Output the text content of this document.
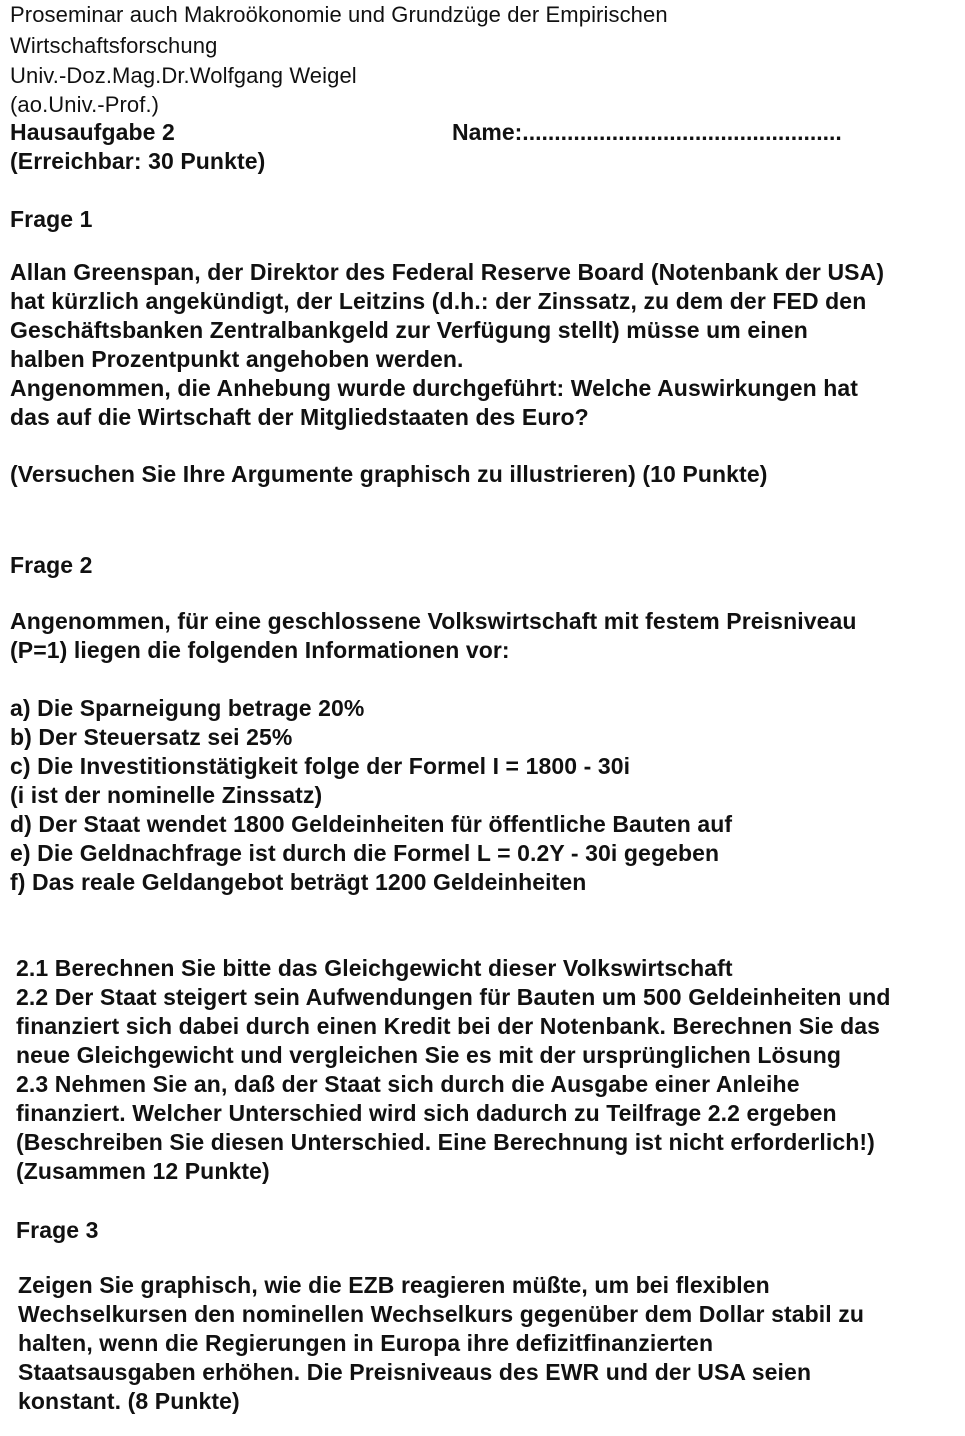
Proseminar auch Makroökonomie und Grundzüge der Empirischen
Wirtschaftsforschung
Univ.-Doz.Mag.Dr.Wolfgang Weigel
(ao.Univ.-Prof.)
Hausaufgabe 2	Name:..................................................
(Erreichbar: 30 Punkte)
Frage 1
Allan Greenspan, der Direktor des Federal Reserve Board (Notenbank der USA)
hat kürzlich angekündigt, der Leitzins (d.h.: der Zinssatz, zu dem der FED den
Geschäftsbanken Zentralbankgeld zur Verfügung stellt) müsse um einen
halben Prozentpunkt angehoben werden.
Angenommen, die Anhebung wurde durchgeführt: Welche Auswirkungen hat
das auf die Wirtschaft der Mitgliedstaaten des Euro?
(Versuchen Sie Ihre Argumente graphisch zu illustrieren) (10 Punkte)
Frage 2
Angenommen, für eine geschlossene Volkswirtschaft mit festem Preisniveau
(P=1) liegen die folgenden Informationen vor:
a) Die Sparneigung betrage 20%
b) Der Steuersatz sei 25%
c) Die Investitionstätigkeit folge der Formel I = 1800 - 30i
(i ist der nominelle Zinssatz)
d) Der Staat wendet 1800 Geldeinheiten für öffentliche Bauten auf
e) Die Geldnachfrage ist durch die Formel L = 0.2Y - 30i gegeben
f) Das reale Geldangebot beträgt 1200 Geldeinheiten
2.1 Berechnen Sie bitte das Gleichgewicht dieser Volkswirtschaft
2.2 Der Staat steigert sein Aufwendungen für Bauten um 500 Geldeinheiten und
finanziert sich dabei durch einen Kredit bei der Notenbank. Berechnen Sie das
neue Gleichgewicht und vergleichen Sie es mit der ursprünglichen Lösung
2.3 Nehmen Sie an, daß der Staat sich durch die Ausgabe einer Anleihe
finanziert. Welcher Unterschied wird sich dadurch zu Teilfrage 2.2 ergeben
(Beschreiben Sie diesen Unterschied. Eine Berechnung ist nicht erforderlich!)
(Zusammen 12 Punkte)
Frage 3
Zeigen Sie graphisch, wie die EZB reagieren müßte, um bei flexiblen
Wechselkursen den nominellen Wechselkurs gegenüber dem Dollar stabil zu
halten, wenn die Regierungen in Europa ihre defizitfinanzierten
Staatsausgaben erhöhen. Die Preisniveaus des EWR und der USA seien
konstant. (8 Punkte)
